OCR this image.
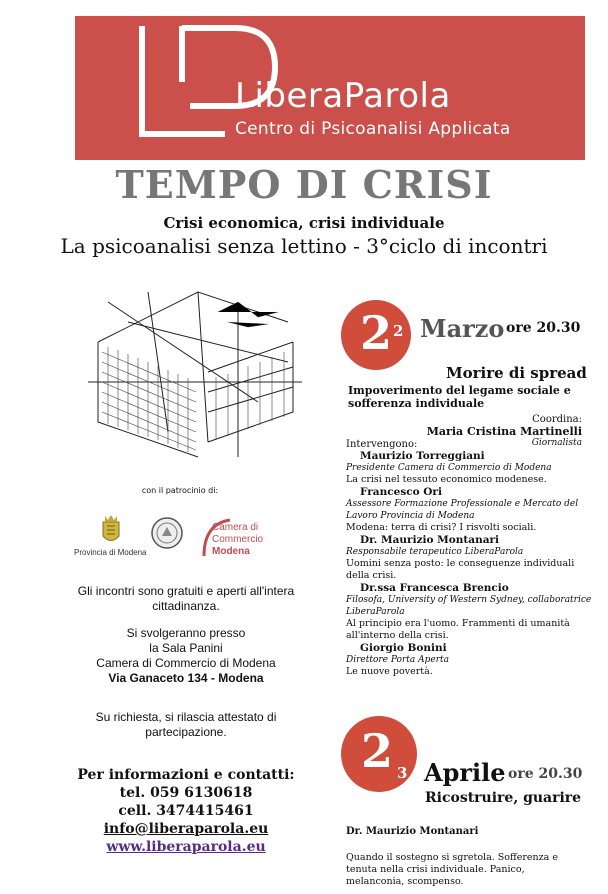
LiberaParola
Centro di Psicoanalisi Applicata
TEMPO DI CRISI
Crisi economica, crisi individuale
La psicoanalisi senza lettino - 3°ciclo di incontri
con il patrocinio di:
Provincia di Modena
Camera di Commercio
Modena
Gli incontri sono gratuiti e aperti all'intera cittadinanza.
Si svolgeranno presso
la Sala Panini
Camera di Commercio di Modena
Via Ganaceto 134 - Modena
Su richiesta, si rilascia attestato di partecipazione.
Per informazioni e contatti:
tel. 059 6130618
cell. 3474415461
info@liberaparola.eu
www.liberaparola.eu
2 2 Marzo ore 20.30
Morire di spread
Impoverimento del legame sociale e sofferenza individuale
Coordina:
Maria Cristina Martinelli
Giornalista
Intervengono:
Maurizio Torreggiani
Presidente Camera di Commercio di Modena
La crisi nel tessuto economico modenese.
Francesco Ori
Assessore Formazione Professionale e Mercato del Lavoro Provincia di Modena
Modena: terra di crisi? I risvolti sociali.
Dr. Maurizio Montanari
Responsabile terapeutico LiberaParola
Uomini senza posto: le conseguenze individuali della crisi.
Dr.ssa Francesca Brencio
Filosofa, University of Western Sydney, collaboratrice LiberaParola
Al principio era l'uomo. Frammenti di umanità all'interno della crisi.
Giorgio Bonini
Direttore Porta Aperta
Le nuove povertà.
2 3 Aprile ore 20.30
Ricostruire, guarire
Dr. Maurizio Montanari
Quando il sostegno si sgretola. Sofferenza e tenuta nella crisi individuale. Panico, melanconia, scompenso.
